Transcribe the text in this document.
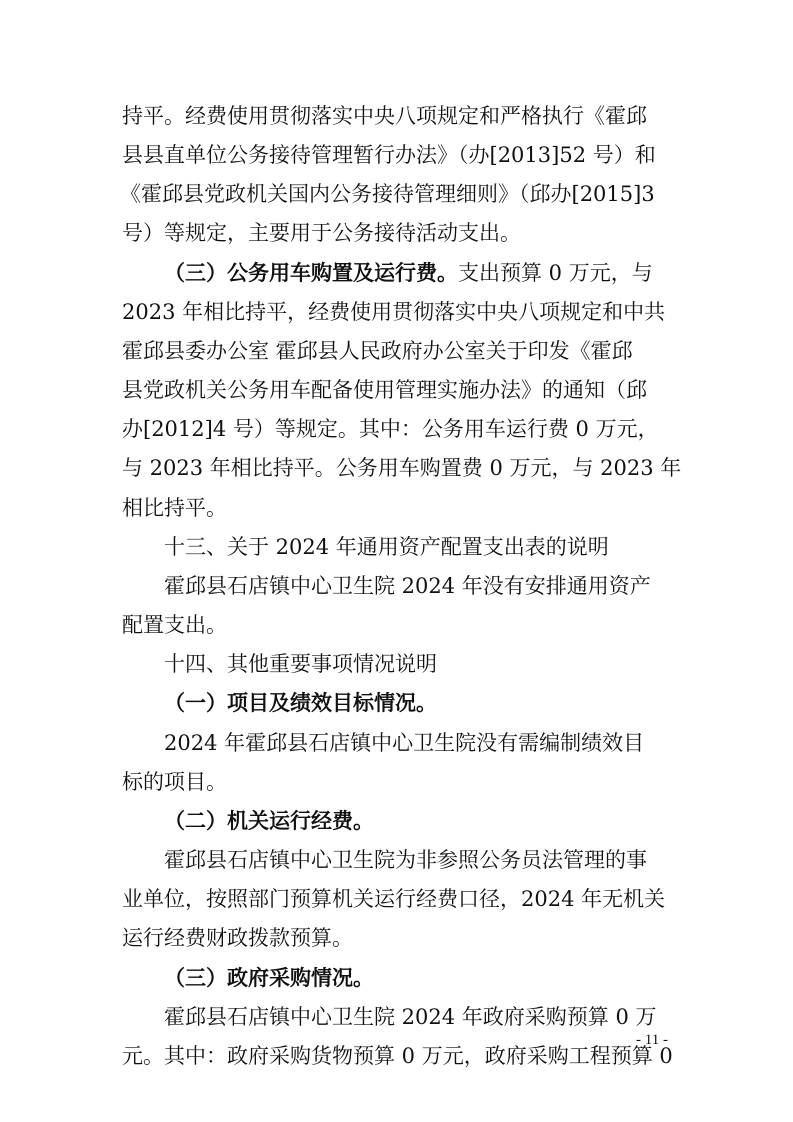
持平。经费使用贯彻落实中央八项规定和严格执行《霍邱
县县直单位公务接待管理暂行办法》（办[2013]52 号）和
《霍邱县党政机关国内公务接待管理细则》（邱办[2015]3
号）等规定，主要用于公务接待活动支出。
（三）公务用车购置及运行费。支出预算 0 万元，与
2023 年相比持平，经费使用贯彻落实中央八项规定和中共
霍邱县委办公室 霍邱县人民政府办公室关于印发《霍邱
县党政机关公务用车配备使用管理实施办法》的通知（邱
办[2012]4 号）等规定。其中：公务用车运行费 0 万元，
与 2023 年相比持平。公务用车购置费 0 万元，与 2023 年
相比持平。
十三、关于 2024 年通用资产配置支出表的说明
霍邱县石店镇中心卫生院 2024 年没有安排通用资产
配置支出。
十四、其他重要事项情况说明
（一）项目及绩效目标情况。
2024 年霍邱县石店镇中心卫生院没有需编制绩效目
标的项目。
（二）机关运行经费。
霍邱县石店镇中心卫生院为非参照公务员法管理的事
业单位，按照部门预算机关运行经费口径，2024 年无机关
运行经费财政拨款预算。
（三）政府采购情况。
霍邱县石店镇中心卫生院 2024 年政府采购预算 0 万
元。其中：政府采购货物预算 0 万元，政府采购工程预算 0
- 11 -
